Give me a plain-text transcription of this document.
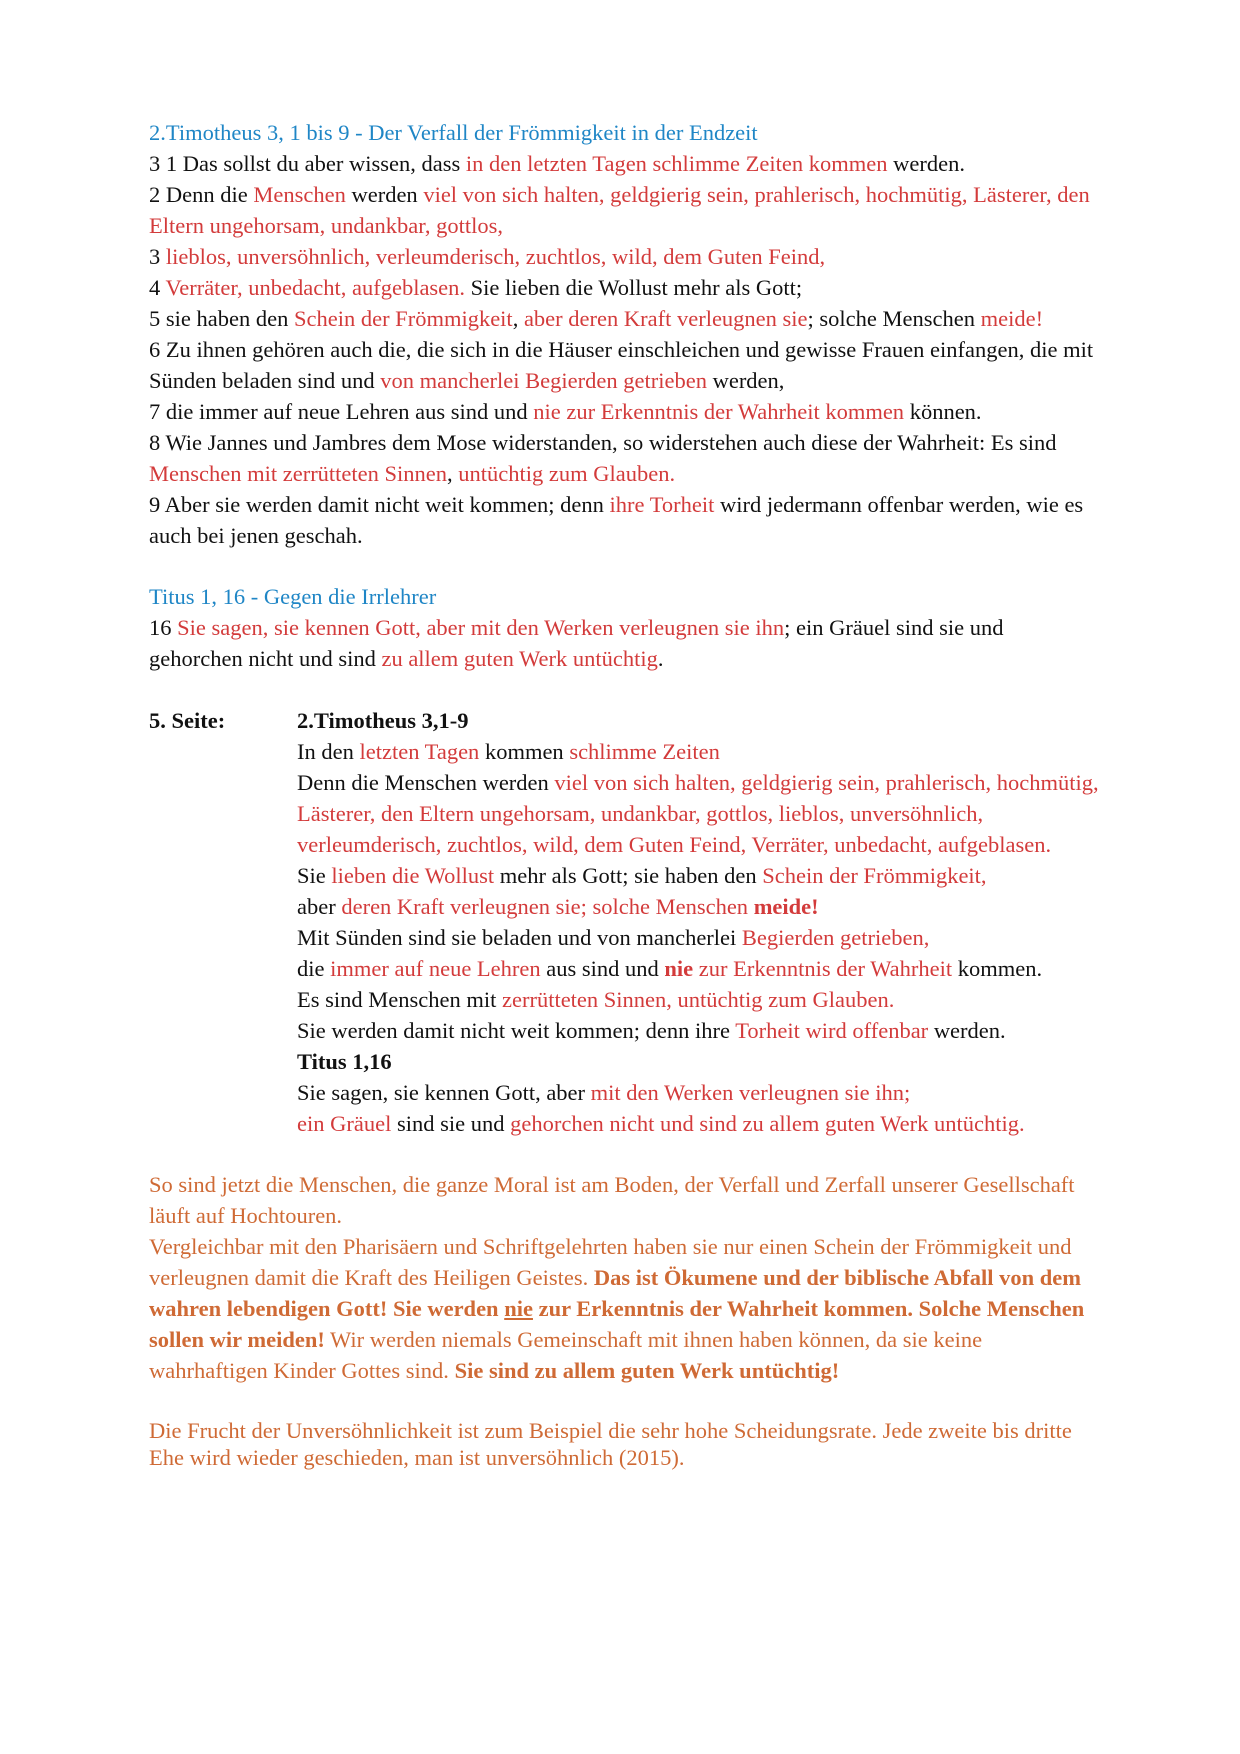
2.Timotheus 3, 1 bis 9 - Der Verfall der Frömmigkeit in der Endzeit
3 1 Das sollst du aber wissen, dass in den letzten Tagen schlimme Zeiten kommen werden.
2 Denn die Menschen werden viel von sich halten, geldgierig sein, prahlerisch, hochmütig, Lästerer, den
Eltern ungehorsam, undankbar, gottlos,
3 lieblos, unversöhnlich, verleumderisch, zuchtlos, wild, dem Guten Feind,
4 Verräter, unbedacht, aufgeblasen. Sie lieben die Wollust mehr als Gott;
5 sie haben den Schein der Frömmigkeit, aber deren Kraft verleugnen sie; solche Menschen meide!
6 Zu ihnen gehören auch die, die sich in die Häuser einschleichen und gewisse Frauen einfangen, die mit
Sünden beladen sind und von mancherlei Begierden getrieben werden,
7 die immer auf neue Lehren aus sind und nie zur Erkenntnis der Wahrheit kommen können.
8 Wie Jannes und Jambres dem Mose widerstanden, so widerstehen auch diese der Wahrheit: Es sind
Menschen mit zerrütteten Sinnen, untüchtig zum Glauben.
9 Aber sie werden damit nicht weit kommen; denn ihre Torheit wird jedermann offenbar werden, wie es
auch bei jenen geschah.
Titus 1, 16 - Gegen die Irrlehrer
16 Sie sagen, sie kennen Gott, aber mit den Werken verleugnen sie ihn; ein Gräuel sind sie und
gehorchen nicht und sind zu allem guten Werk untüchtig.
5. Seite:	2.Timotheus 3,1-9
In den letzten Tagen kommen schlimme Zeiten
Denn die Menschen werden viel von sich halten, geldgierig sein, prahlerisch, hochmütig,
Lästerer, den Eltern ungehorsam, undankbar, gottlos, lieblos, unversöhnlich,
verleumderisch, zuchtlos, wild, dem Guten Feind, Verräter, unbedacht, aufgeblasen.
Sie lieben die Wollust mehr als Gott; sie haben den Schein der Frömmigkeit,
aber deren Kraft verleugnen sie; solche Menschen meide!
Mit Sünden sind sie beladen und von mancherlei Begierden getrieben,
die immer auf neue Lehren aus sind und nie zur Erkenntnis der Wahrheit kommen.
Es sind Menschen mit zerrütteten Sinnen, untüchtig zum Glauben.
Sie werden damit nicht weit kommen; denn ihre Torheit wird offenbar werden.
Titus 1,16
Sie sagen, sie kennen Gott, aber mit den Werken verleugnen sie ihn;
ein Gräuel sind sie und gehorchen nicht und sind zu allem guten Werk untüchtig.
So sind jetzt die Menschen, die ganze Moral ist am Boden, der Verfall und Zerfall unserer Gesellschaft
läuft auf Hochtouren.
Vergleichbar mit den Pharisäern und Schriftgelehrten haben sie nur einen Schein der Frömmigkeit und
verleugnen damit die Kraft des Heiligen Geistes. Das ist Ökumene und der biblische Abfall von dem
wahren lebendigen Gott! Sie werden nie zur Erkenntnis der Wahrheit kommen. Solche Menschen
sollen wir meiden! Wir werden niemals Gemeinschaft mit ihnen haben können, da sie keine
wahrhaftigen Kinder Gottes sind. Sie sind zu allem guten Werk untüchtig!
Die Frucht der Unversöhnlichkeit ist zum Beispiel die sehr hohe Scheidungsrate. Jede zweite bis dritte
Ehe wird wieder geschieden, man ist unversöhnlich (2015).
